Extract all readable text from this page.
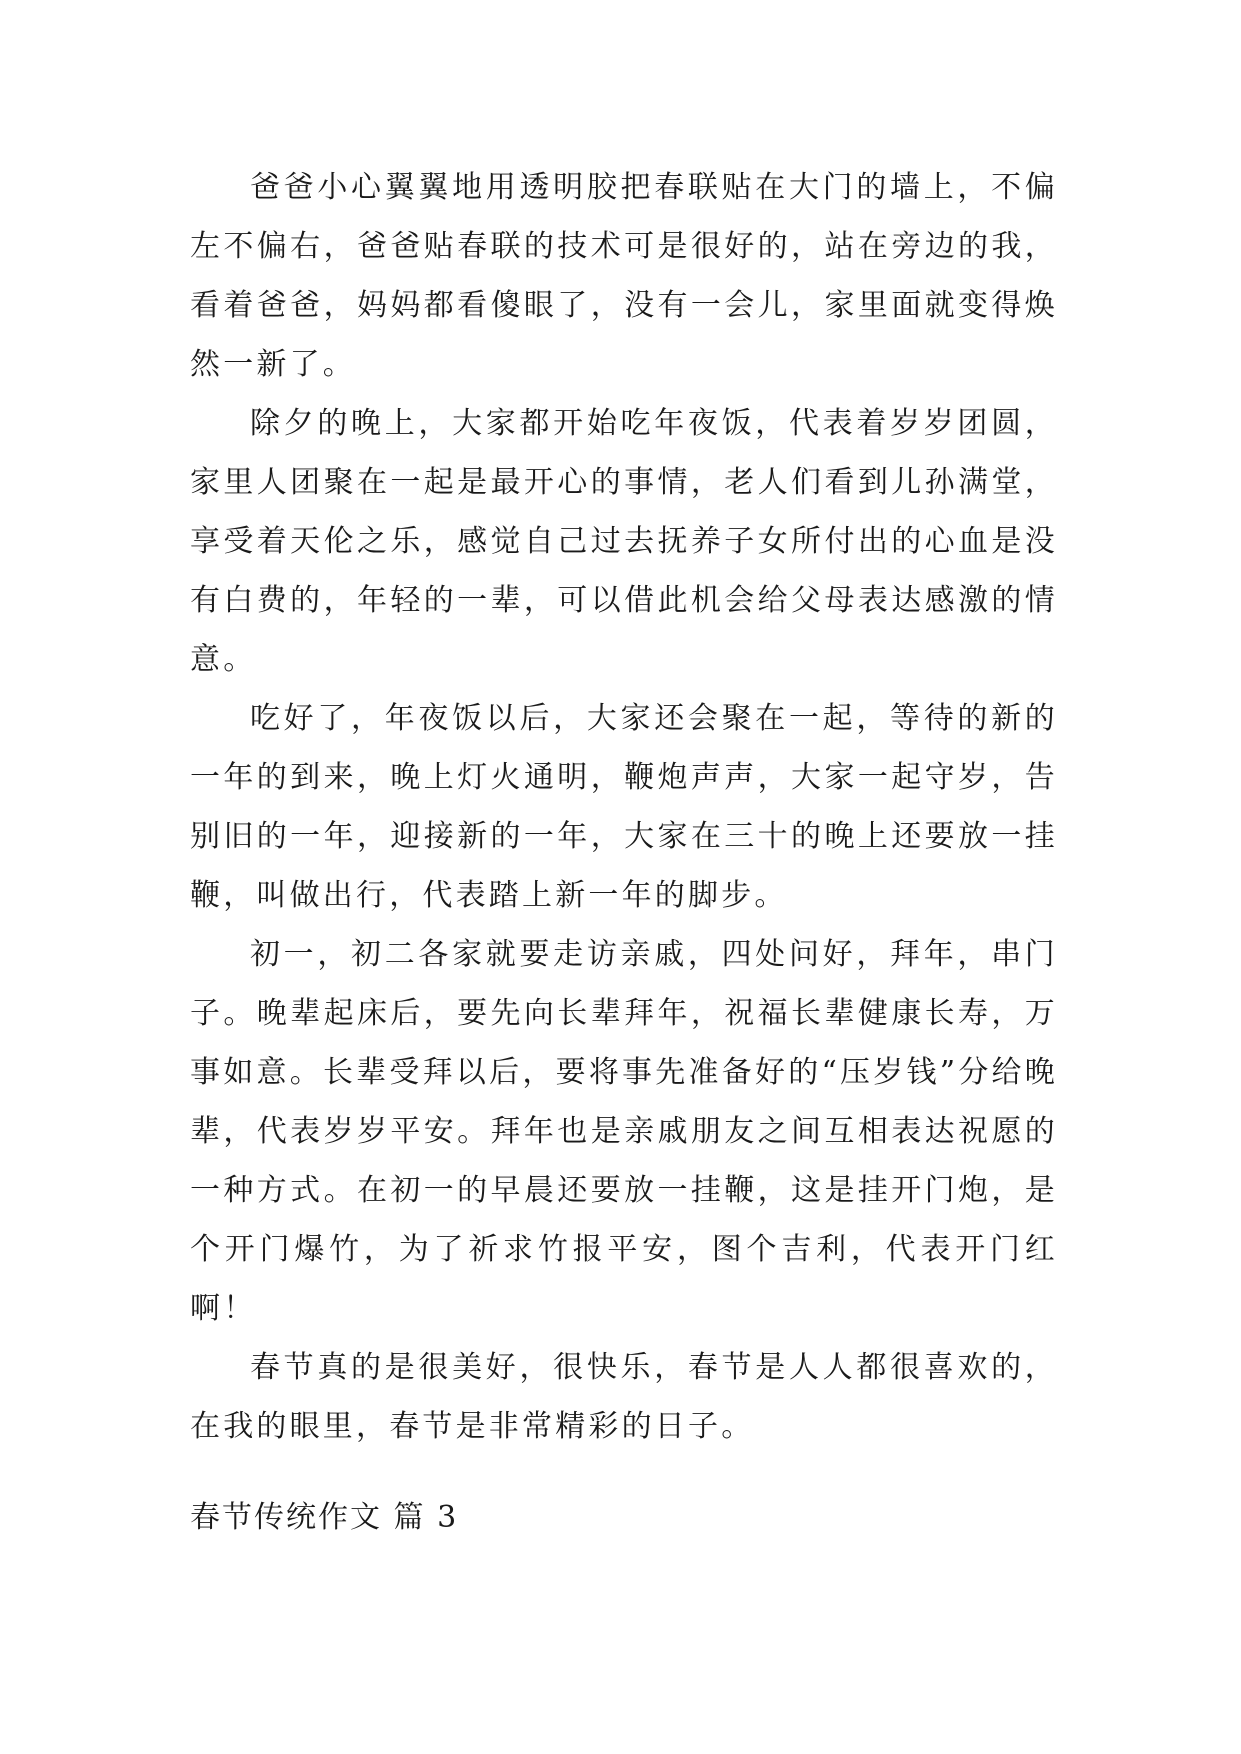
爸爸小心翼翼地用透明胶把春联贴在大门的墙上，不偏左不偏右，爸爸贴春联的技术可是很好的，站在旁边的我，看着爸爸，妈妈都看傻眼了，没有一会儿，家里面就变得焕然一新了。

除夕的晚上，大家都开始吃年夜饭，代表着岁岁团圆，家里人团聚在一起是最开心的事情，老人们看到儿孙满堂，享受着天伦之乐，感觉自己过去抚养子女所付出的心血是没有白费的，年轻的一辈，可以借此机会给父母表达感激的情意。

吃好了，年夜饭以后，大家还会聚在一起，等待的新的一年的到来，晚上灯火通明，鞭炮声声，大家一起守岁，告别旧的一年，迎接新的一年，大家在三十的晚上还要放一挂鞭，叫做出行，代表踏上新一年的脚步。

初一，初二各家就要走访亲戚，四处问好，拜年，串门子。晚辈起床后，要先向长辈拜年，祝福长辈健康长寿，万事如意。长辈受拜以后，要将事先准备好的“压岁钱”分给晚辈，代表岁岁平安。拜年也是亲戚朋友之间互相表达祝愿的一种方式。在初一的早晨还要放一挂鞭，这是挂开门炮，是个开门爆竹，为了祈求竹报平安，图个吉利，代表开门红啊！

春节真的是很美好，很快乐，春节是人人都很喜欢的，在我的眼里，春节是非常精彩的日子。

春节传统作文 篇 3
